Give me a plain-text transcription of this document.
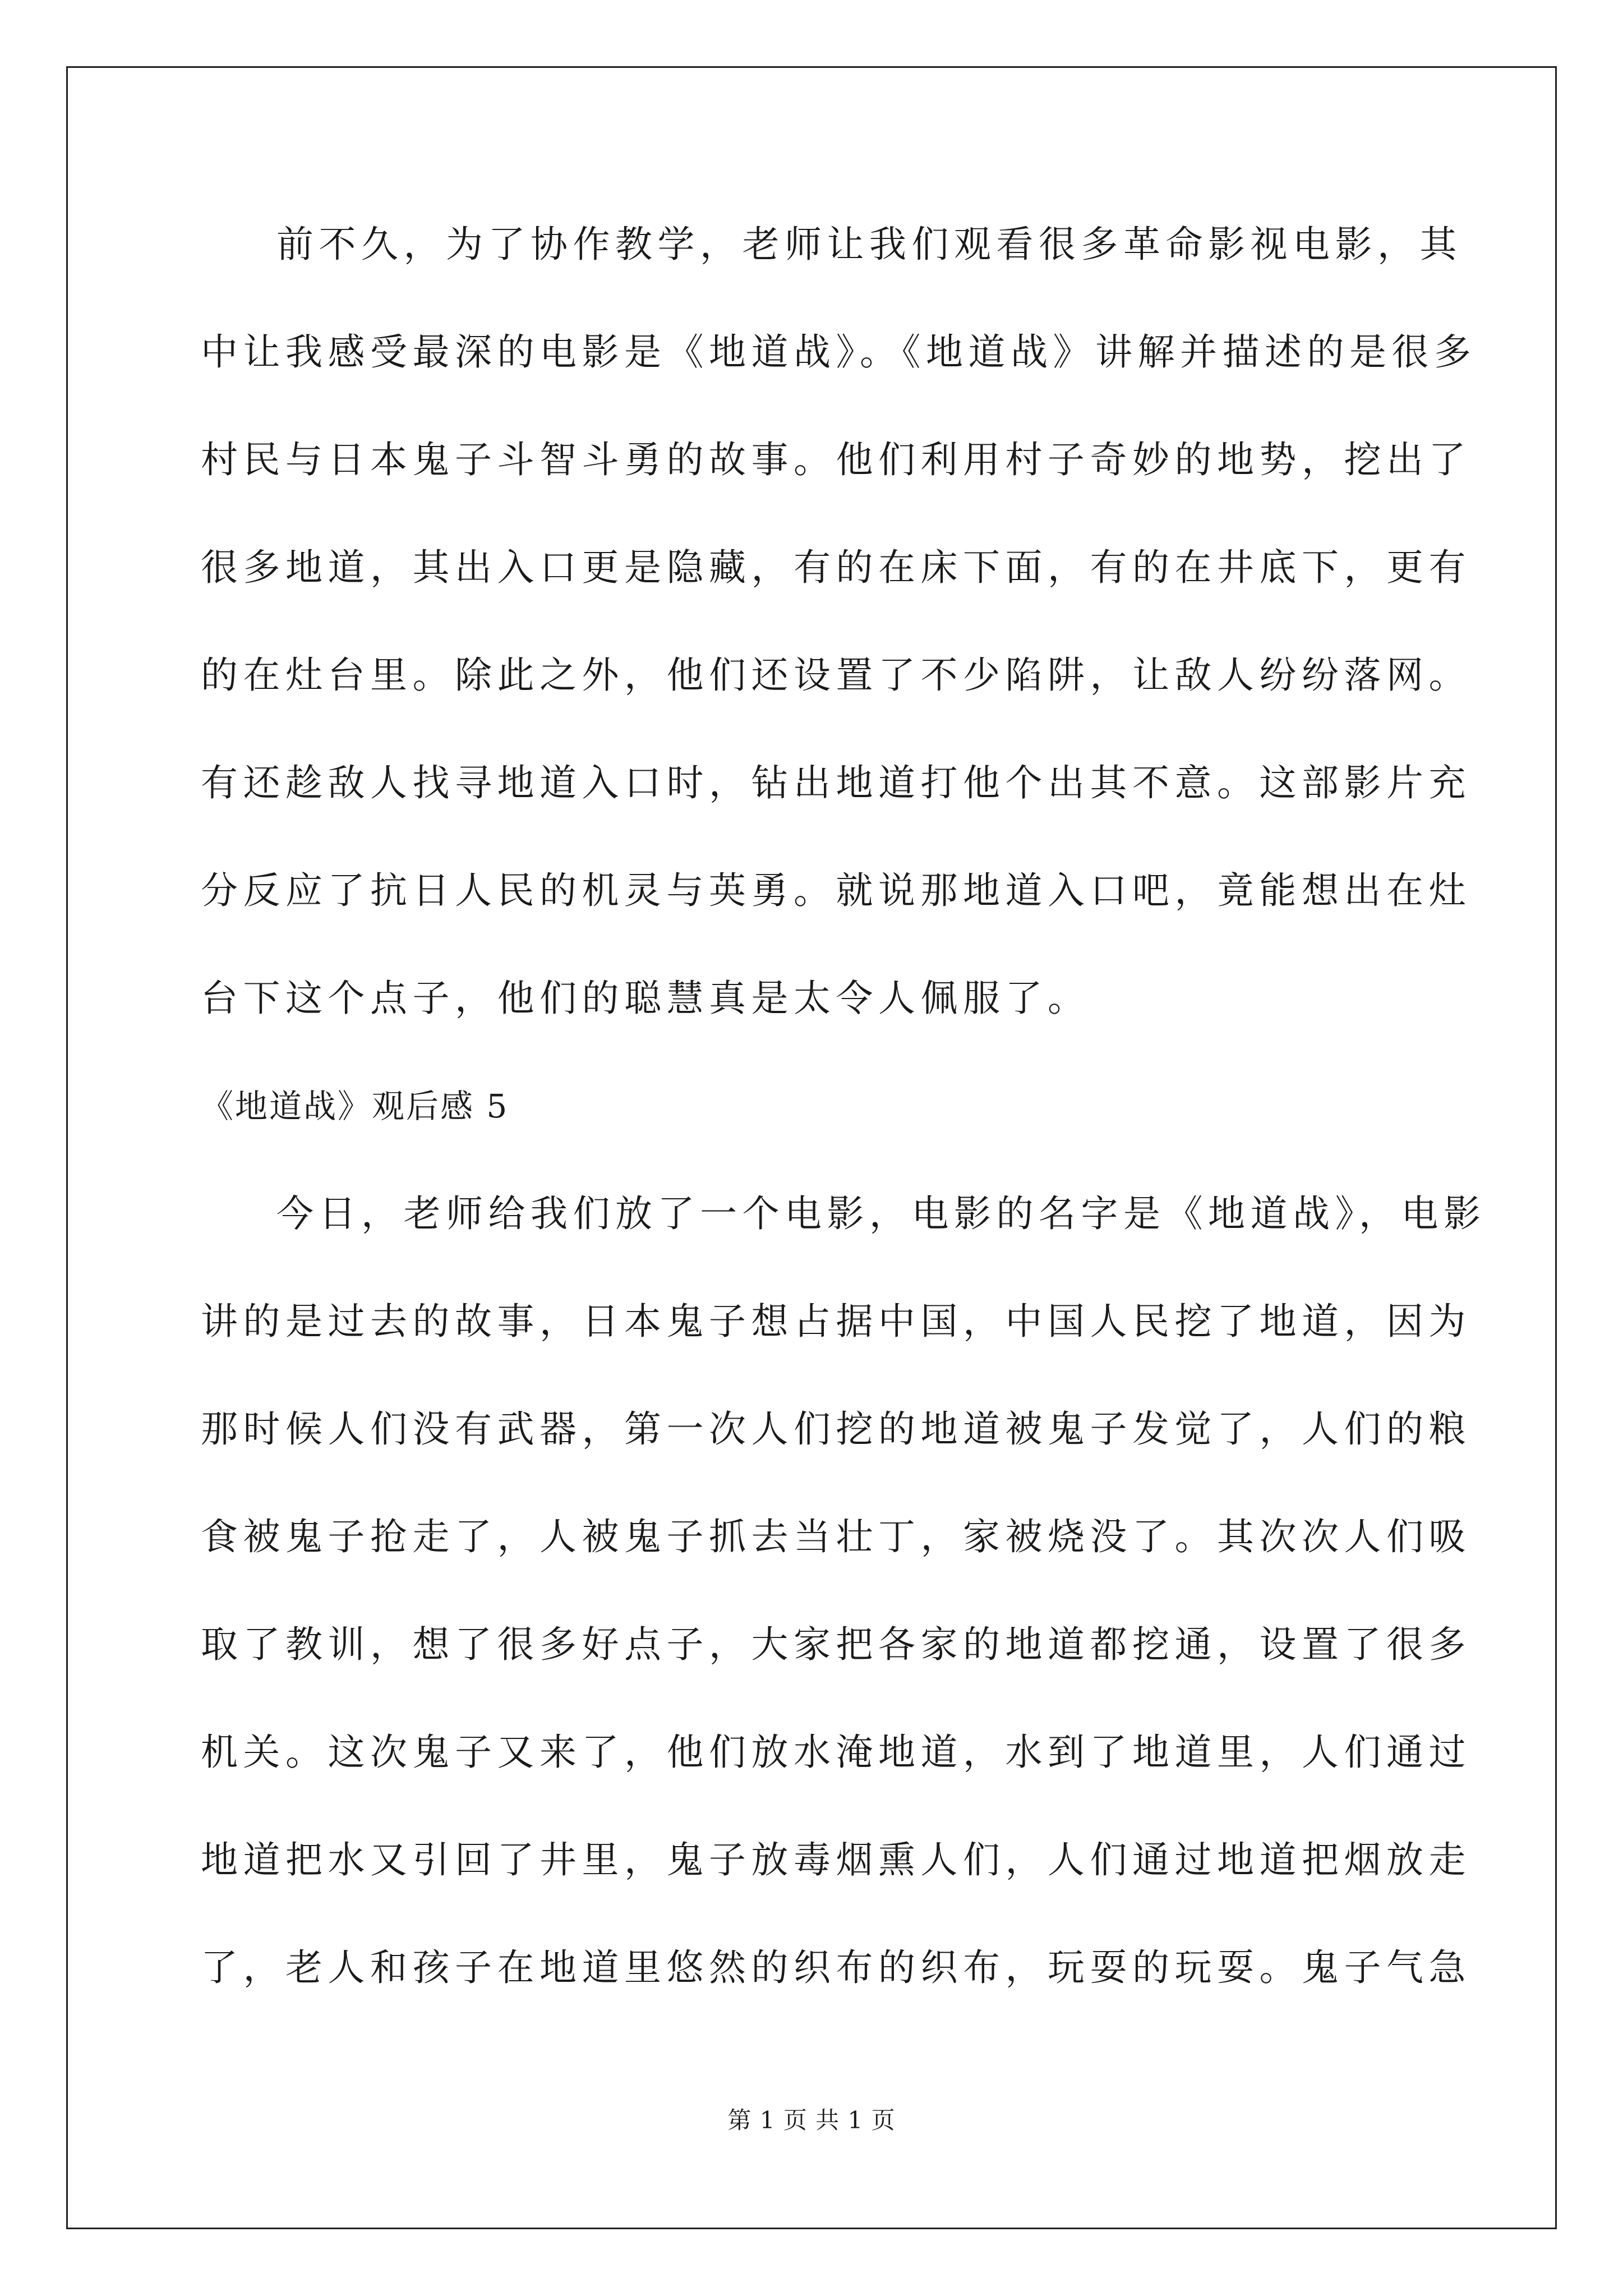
前不久，为了协作教学，老师让我们观看很多革命影视电影，其
中让我感受最深的电影是《地道战》。《地道战》讲解并描述的是很多
村民与日本鬼子斗智斗勇的故事。他们利用村子奇妙的地势，挖出了
很多地道，其出入口更是隐藏，有的在床下面，有的在井底下，更有
的在灶台里。除此之外，他们还设置了不少陷阱，让敌人纷纷落网。
有还趁敌人找寻地道入口时，钻出地道打他个出其不意。这部影片充
分反应了抗日人民的机灵与英勇。就说那地道入口吧，竟能想出在灶
台下这个点子，他们的聪慧真是太令人佩服了。
《地道战》观后感 5
今日，老师给我们放了一个电影，电影的名字是《地道战》，电影
讲的是过去的故事，日本鬼子想占据中国，中国人民挖了地道，因为
那时候人们没有武器，第一次人们挖的地道被鬼子发觉了，人们的粮
食被鬼子抢走了，人被鬼子抓去当壮丁，家被烧没了。其次次人们吸
取了教训，想了很多好点子，大家把各家的地道都挖通，设置了很多
机关。这次鬼子又来了，他们放水淹地道，水到了地道里，人们通过
地道把水又引回了井里，鬼子放毒烟熏人们，人们通过地道把烟放走
了，老人和孩子在地道里悠然的织布的织布，玩耍的玩耍。鬼子气急
第 1 页 共 1 页
